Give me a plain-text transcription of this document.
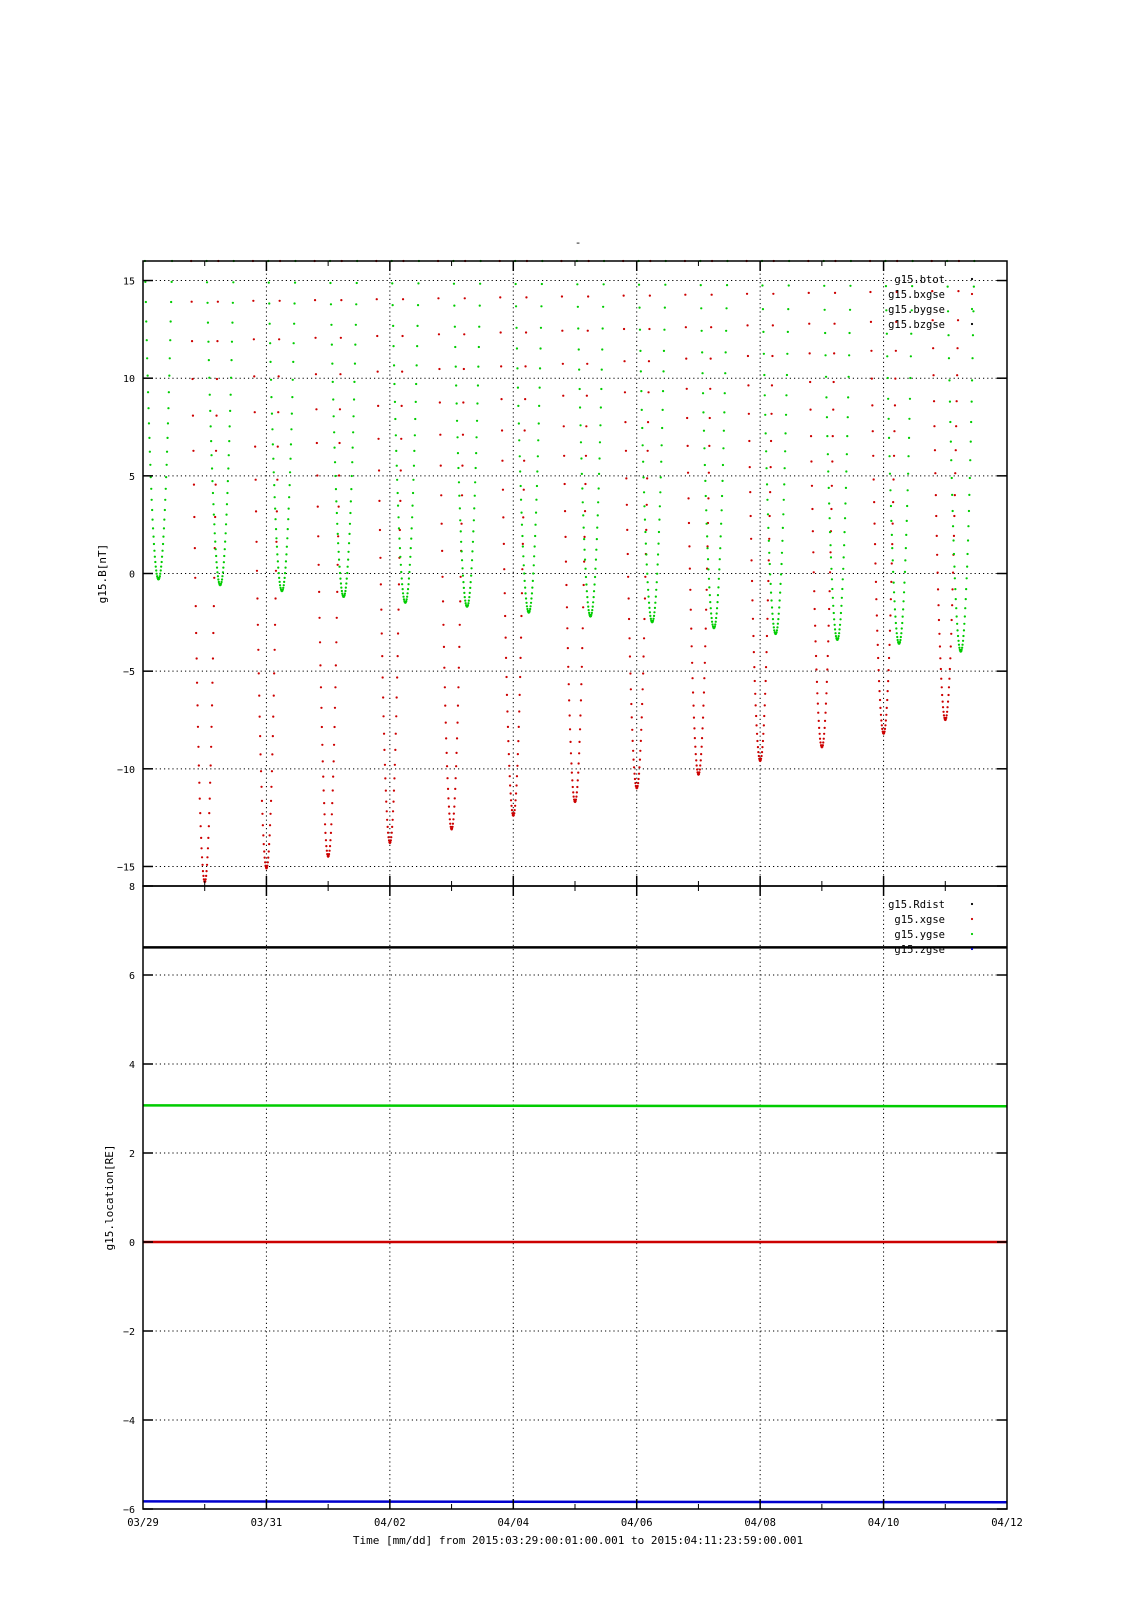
-
15
10
5
0
−5
−10
−15
g15.btot
g15.bxgse
g15.bygse
g15.bzgse
g15.B[nT]
8
6
4
2
0
−2
−4
−6
g15.Rdist
g15.xgse
g15.ygse
g15.zgse
g15.location[RE]
03/29	03/31	04/02	04/04	04/06	04/08	04/10	04/12
Time [mm/dd] from 2015:03:29:00:01:00.001 to 2015:04:11:23:59:00.001
